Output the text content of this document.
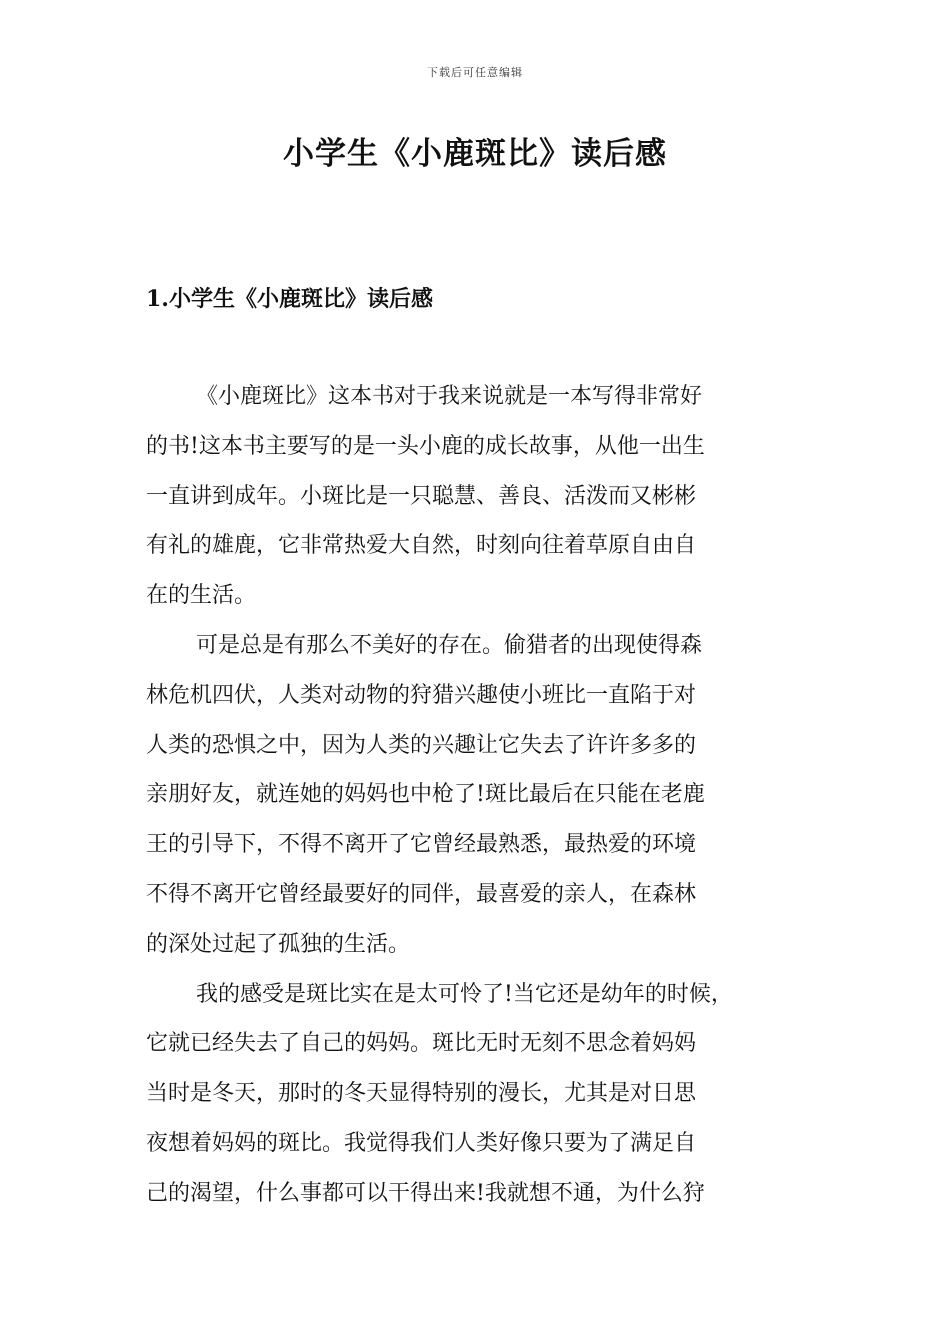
下载后可任意编辑
小学生《小鹿斑比》读后感
1.小学生《小鹿斑比》读后感
《小鹿斑比》这本书对于我来说就是一本写得非常好
的书!这本书主要写的是一头小鹿的成长故事，从他一出生
一直讲到成年。小斑比是一只聪慧、善良、活泼而又彬彬
有礼的雄鹿，它非常热爱大自然，时刻向往着草原自由自
在的生活。
可是总是有那么不美好的存在。偷猎者的出现使得森
林危机四伏，人类对动物的狩猎兴趣使小班比一直陷于对
人类的恐惧之中，因为人类的兴趣让它失去了许许多多的
亲朋好友，就连她的妈妈也中枪了!斑比最后在只能在老鹿
王的引导下，不得不离开了它曾经最熟悉，最热爱的环境
不得不离开它曾经最要好的同伴，最喜爱的亲人，在森林
的深处过起了孤独的生活。
我的感受是斑比实在是太可怜了!当它还是幼年的时候，
它就已经失去了自己的妈妈。斑比无时无刻不思念着妈妈
当时是冬天，那时的冬天显得特别的漫长，尤其是对日思
夜想着妈妈的斑比。我觉得我们人类好像只要为了满足自
己的渴望，什么事都可以干得出来!我就想不通，为什么狩
